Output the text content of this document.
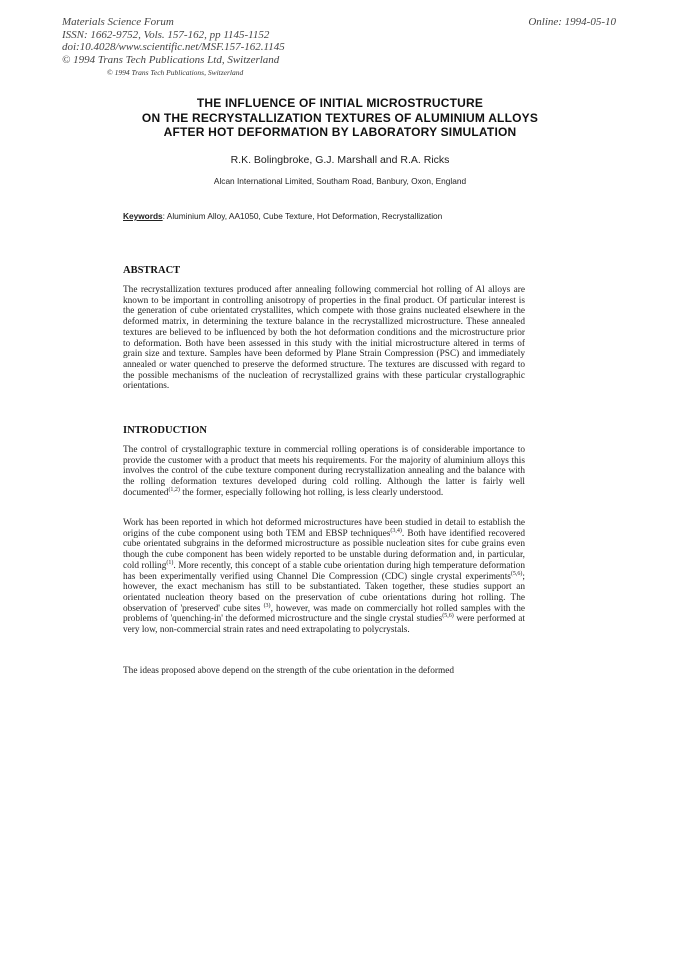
Materials Science Forum
ISSN: 1662-9752, Vols. 157-162, pp 1145-1152
doi:10.4028/www.scientific.net/MSF.157-162.1145
© 1994 Trans Tech Publications Ltd, Switzerland
Online: 1994-05-10
© 1994 Trans Tech Publications, Switzerland
THE INFLUENCE OF INITIAL MICROSTRUCTURE
ON THE RECRYSTALLIZATION TEXTURES OF ALUMINIUM ALLOYS
AFTER HOT DEFORMATION BY LABORATORY SIMULATION
R.K. Bolingbroke, G.J. Marshall and R.A. Ricks
Alcan International Limited, Southam Road, Banbury, Oxon, England
Keywords: Aluminium Alloy, AA1050, Cube Texture, Hot Deformation, Recrystallization
ABSTRACT
The recrystallization textures produced after annealing following commercial hot rolling of Al alloys are known to be important in controlling anisotropy of properties in the final product. Of particular interest is the generation of cube orientated crystallites, which compete with those grains nucleated elsewhere in the deformed matrix, in determining the texture balance in the recrystallized microstructure. These annealed textures are believed to be influenced by both the hot deformation conditions and the microstructure prior to deformation. Both have been assessed in this study with the initial microstructure altered in terms of grain size and texture. Samples have been deformed by Plane Strain Compression (PSC) and immediately annealed or water quenched to preserve the deformed structure. The textures are discussed with regard to the possible mechanisms of the nucleation of recrystallized grains with these particular crystallographic orientations.
INTRODUCTION
The control of crystallographic texture in commercial rolling operations is of considerable importance to provide the customer with a product that meets his requirements. For the majority of aluminium alloys this involves the control of the cube texture component during recrystallization annealing and the balance with the rolling deformation textures developed during cold rolling. Although the latter is fairly well documented$^{(1,2)}$ the former, especially following hot rolling, is less clearly understood.
Work has been reported in which hot deformed microstructures have been studied in detail to establish the origins of the cube component using both TEM and EBSP techniques$^{(3,4)}$. Both have identified recovered cube orientated subgrains in the deformed microstructure as possible nucleation sites for cube grains even though the cube component has been widely reported to be unstable during deformation and, in particular, cold rolling$^{(1)}$. More recently, this concept of a stable cube orientation during high temperature deformation has been experimentally verified using Channel Die Compression (CDC) single crystal experiments$^{(5,6)}$; however, the exact mechanism has still to be substantiated. Taken together, these studies support an orientated nucleation theory based on the preservation of cube orientations during hot rolling. The observation of 'preserved' cube sites $^{(3)}$, however, was made on commercially hot rolled samples with the problems of 'quenching-in' the deformed microstructure and the single crystal studies$^{(5,6)}$ were performed at very low, non-commercial strain rates and need extrapolating to polycrystals.
The ideas proposed above depend on the strength of the cube orientation in the deformed
